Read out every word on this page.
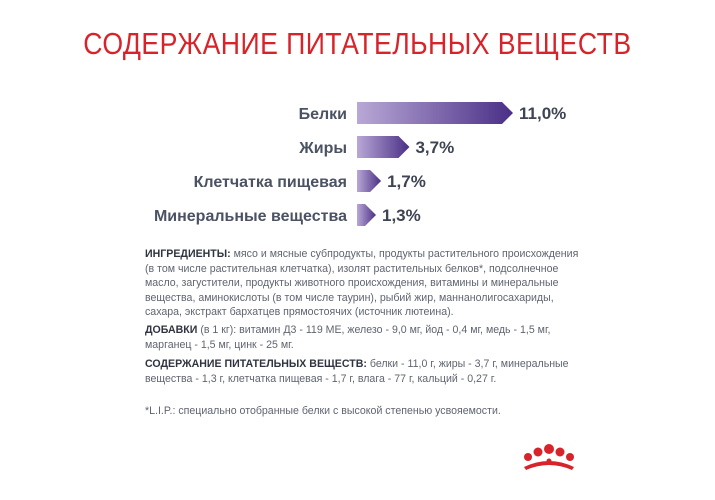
СОДЕРЖАНИЕ ПИТАТЕЛЬНЫХ ВЕЩЕСТВ
Белки	11,0%
Жиры	3,7%
Клетчатка пищевая 1,7%
Минеральные вещества 1,3%
ИНГРЕДИЕНТЫ: мясо и мясные субпродукты, продукты растительного происхождения (в том числе растительная клетчатка), изолят растительных белков*, подсолнечное масло, загустители, продукты животного происхождения, витамины и минеральные вещества, аминокислоты (в том числе таурин), рыбий жир, маннанолигосахариды, сахара, экстракт бархатцев прямостоячих (источник лютеина).
ДОБАВКИ (в 1 кг): витамин Д3 - 119 МЕ, железо - 9,0 мг, йод - 0,4 мг, медь - 1,5 мг, марганец - 1,5 мг, цинк - 25 мг.
СОДЕРЖАНИЕ ПИТАТЕЛЬНЫХ ВЕЩЕСТВ: белки - 11,0 г, жиры - 3,7 г, минеральные вещества - 1,3 г, клетчатка пищевая - 1,7 г, влага - 77 г, кальций - 0,27 г.
*L.I.P.: специально отобранные белки с высокой степенью усвояемости.
